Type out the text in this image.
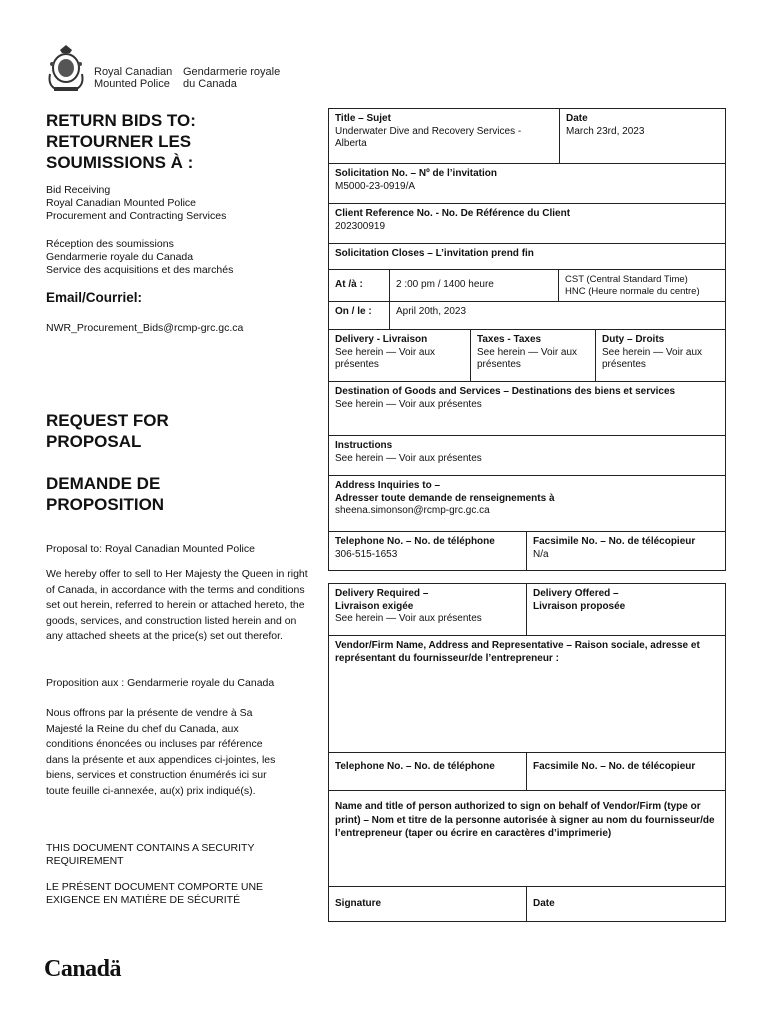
Royal Canadian
Mounted Police
Gendarmerie royale
du Canada
RETURN BIDS TO:
RETOURNER LES
SOUMISSIONS À :
Bid Receiving
Royal Canadian Mounted Police
Procurement and Contracting Services
Réception des soumissions
Gendarmerie royale du Canada
Service des acquisitions et des marchés
Email/Courriel:
NWR_Procurement_Bids@rcmp-grc.gc.ca
REQUEST FOR
PROPOSAL
DEMANDE DE
PROPOSITION
Proposal to: Royal Canadian Mounted Police
We hereby offer to sell to Her Majesty the Queen in right of Canada, in accordance with the terms and conditions set out herein, referred to herein or attached hereto, the goods, services, and construction listed herein and on any attached sheets at the price(s) set out therefor.
Proposition aux : Gendarmerie royale du Canada
Nous offrons par la présente de vendre à Sa Majesté la Reine du chef du Canada, aux conditions énoncées ou incluses par référence dans la présente et aux appendices ci-jointes, les biens, services et construction énumérés ici sur toute feuille ci-annexée, au(x) prix indiqué(s).
THIS DOCUMENT CONTAINS A SECURITY REQUIREMENT
LE PRÉSENT DOCUMENT COMPORTE UNE EXIGENCE EN MATIÈRE DE SÉCURITÉ
Canadä
Title – Sujet
Underwater Dive and Recovery Services - Alberta
Date
March 23rd, 2023
Solicitation No. – Nº de l’invitation
M5000-23-0919/A
Client Reference No. - No. De Référence du Client
202300919
Solicitation Closes – L’invitation prend fin
At /à :	2 :00 pm / 1400 heure	CST (Central Standard Time)
HNC (Heure normale du centre)
On / le :	April 20th, 2023
Delivery - Livraison
See herein — Voir aux présentes
Taxes - Taxes
See herein — Voir aux présentes
Duty – Droits
See herein — Voir aux présentes
Destination of Goods and Services – Destinations des biens et services
See herein — Voir aux présentes
Instructions
See herein — Voir aux présentes
Address Inquiries to –
Adresser toute demande de renseignements à
sheena.simonson@rcmp-grc.gc.ca
Telephone No. – No. de téléphone
306-515-1653
Facsimile No. – No. de télécopieur
N/a
Delivery Required –
Livraison exigée
See herein — Voir aux présentes
Delivery Offered –
Livraison proposée
Vendor/Firm Name, Address and Representative – Raison sociale, adresse et représentant du fournisseur/de l’entrepreneur :
Telephone No. – No. de téléphone	Facsimile No. – No. de télécopieur
Name and title of person authorized to sign on behalf of Vendor/Firm (type or print) – Nom et titre de la personne autorisée à signer au nom du fournisseur/de l’entrepreneur (taper ou écrire en caractères d’imprimerie)
Signature	Date
